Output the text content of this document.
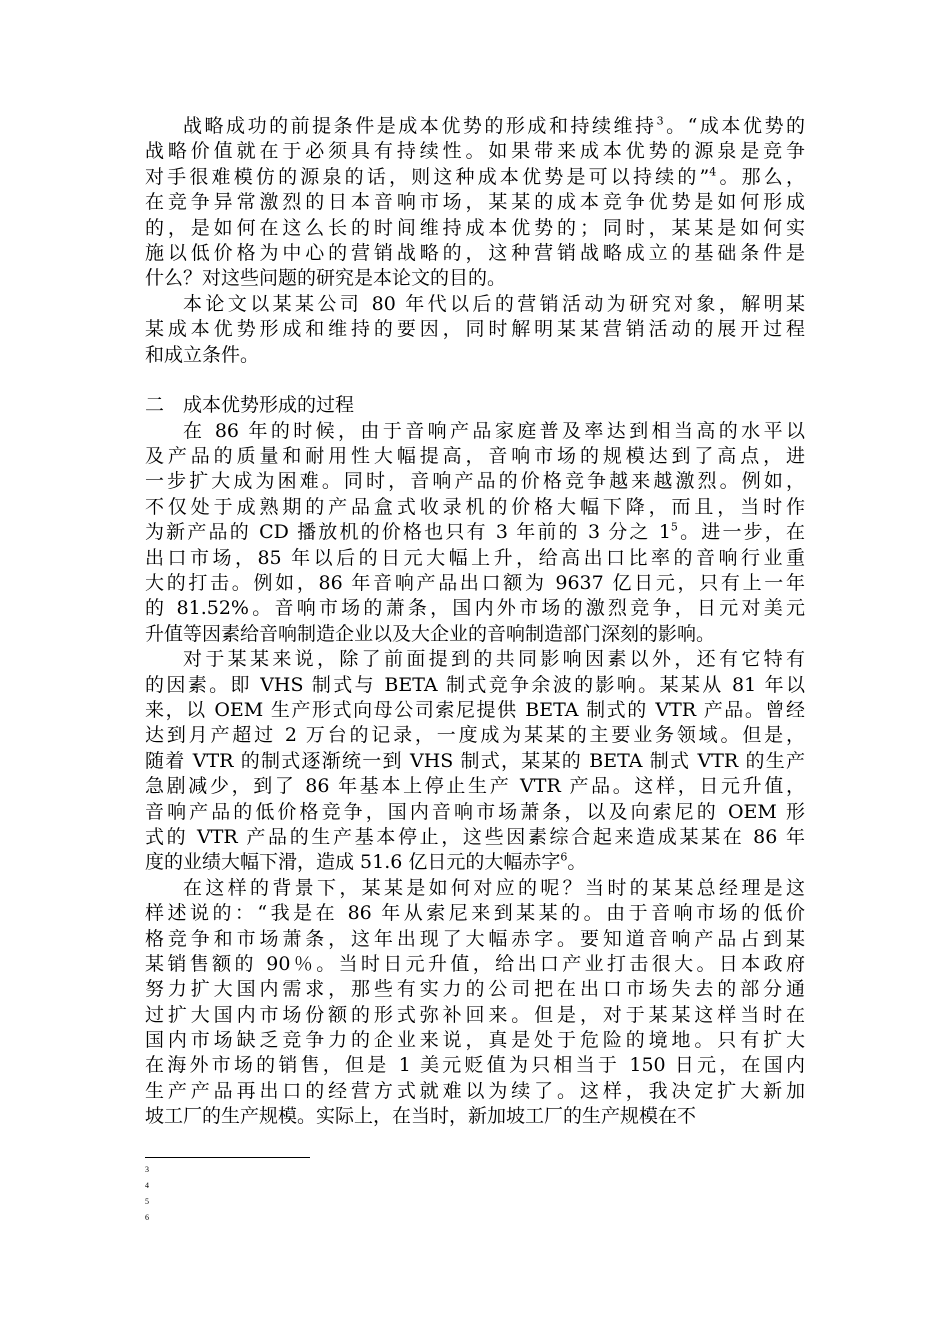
战略成功的前提条件是成本优势的形成和持续维持$^3$。“成本优势的
战略价值就在于必须具有持续性。如果带来成本优势的源泉是竞争
对手很难模仿的源泉的话，则这种成本优势是可以持续的”$^4$。那么，
在竞争异常激烈的日本音响市场，某某的成本竞争优势是如何形成
的，是如何在这么长的时间维持成本优势的；同时，某某是如何实
施以低价格为中心的营销战略的，这种营销战略成立的基础条件是
什么？对这些问题的研究是本论文的目的。
本论文以某某公司 80 年代以后的营销活动为研究对象，解明某
某成本优势形成和维持的要因，同时解明某某营销活动的展开过程
和成立条件。
二　成本优势形成的过程
在 86 年的时候，由于音响产品家庭普及率达到相当高的水平以
及产品的质量和耐用性大幅提高，音响市场的规模达到了高点，进
一步扩大成为困难。同时，音响产品的价格竞争越来越激烈。例如，
不仅处于成熟期的产品盒式收录机的价格大幅下降，而且，当时作
为新产品的 CD 播放机的价格也只有 3 年前的 3 分之 $1^5$。进一步，在
出口市场，85 年以后的日元大幅上升，给高出口比率的音响行业重
大的打击。例如，86 年音响产品出口额为 9637 亿日元，只有上一年
的 81.52%。音响市场的萧条，国内外市场的激烈竞争，日元对美元
升值等因素给音响制造企业以及大企业的音响制造部门深刻的影响。
对于某某来说，除了前面提到的共同影响因素以外，还有它特有
的因素。即 VHS 制式与 BETA 制式竞争余波的影响。某某从 81 年以
来，以 OEM 生产形式向母公司索尼提供 BETA 制式的 VTR 产品。曾经
达到月产超过 2 万台的记录，一度成为某某的主要业务领域。但是，
随着 VTR 的制式逐渐统一到 VHS 制式，某某的 BETA 制式 VTR 的生产
急剧减少，到了 86 年基本上停止生产 VTR 产品。这样，日元升值，
音响产品的低价格竞争，国内音响市场萧条，以及向索尼的 OEM 形
式的 VTR 产品的生产基本停止，这些因素综合起来造成某某在 86 年
度的业绩大幅下滑，造成 51.6 亿日元的大幅赤字$^6$。
在这样的背景下，某某是如何对应的呢？当时的某某总经理是这
样述说的：“我是在 86 年从索尼来到某某的。由于音响市场的低价
格竞争和市场萧条，这年出现了大幅赤字。要知道音响产品占到某
某销售额的 90％。当时日元升值，给出口产业打击很大。日本政府
努力扩大国内需求，那些有实力的公司把在出口市场失去的部分通
过扩大国内市场份额的形式弥补回来。但是，对于某某这样当时在
国内市场缺乏竞争力的企业来说，真是处于危险的境地。只有扩大
在海外市场的销售，但是 1 美元贬值为只相当于 150 日元，在国内
生产产品再出口的经营方式就难以为续了。这样，我决定扩大新加
坡工厂的生产规模。实际上，在当时，新加坡工厂的生产规模在不
3
4
5
6
